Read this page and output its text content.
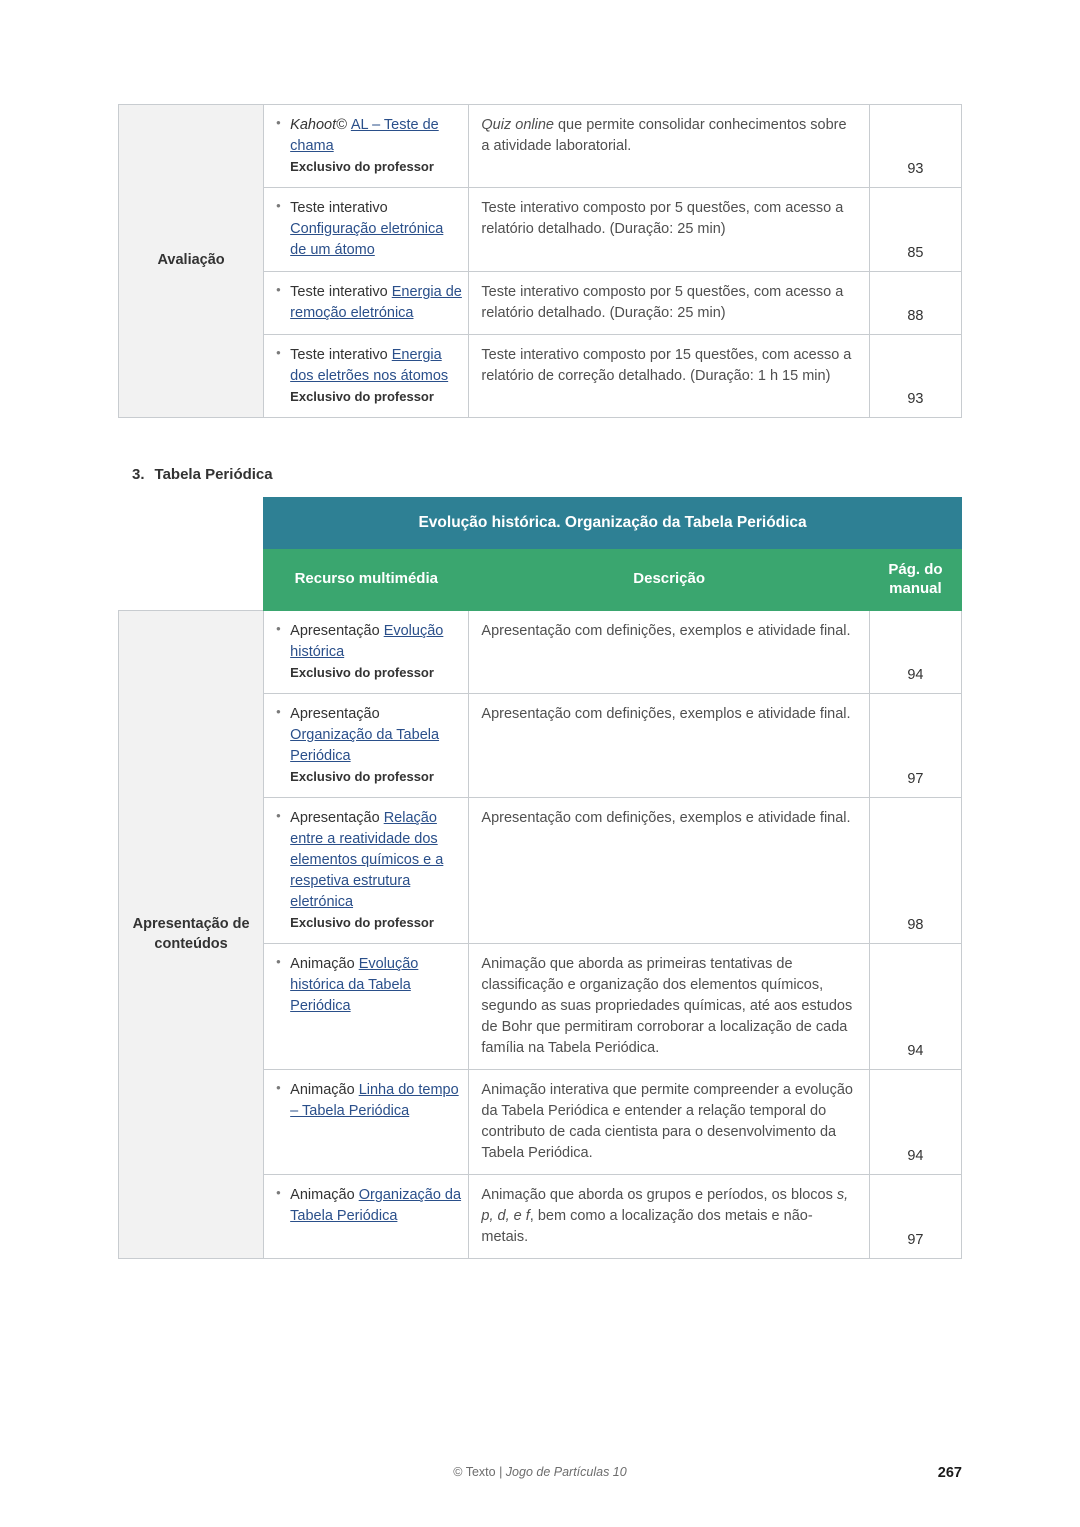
Avaliação	
• Kahoot© AL – Teste de chama
Exclusivo do professor
	Quiz online que permite consolidar conhecimentos sobre a atividade laboratorial.	93

• Teste interativo Configuração eletrónica de um átomo
	Teste interativo composto por 5 questões, com acesso a relatório detalhado. (Duração: 25 min)	85

• Teste interativo Energia de remoção eletrónica
	Teste interativo composto por 5 questões, com acesso a relatório detalhado. (Duração: 25 min)	88

• Teste interativo Energia dos eletrões nos átomos
Exclusivo do professor
	Teste interativo composto por 15 questões, com acesso a relatório de correção detalhado. (Duração: 1 h 15 min)	93
3. Tabela Periódica
	Evolução histórica. Organização da Tabela Periódica		
	Recurso multimédia	Descrição	Pág. do manual
Apresentação de conteúdos	
• Apresentação Evolução histórica
Exclusivo do professor
	Apresentação com definições, exemplos e atividade final.	94

• Apresentação Organização da Tabela Periódica
Exclusivo do professor
	Apresentação com definições, exemplos e atividade final.	97

• Apresentação Relação entre a reatividade dos elementos químicos e a respetiva estrutura eletrónica
Exclusivo do professor
	Apresentação com definições, exemplos e atividade final.	98

• Animação Evolução histórica da Tabela Periódica
	Animação que aborda as primeiras tentativas de classificação e organização dos elementos químicos, segundo as suas propriedades químicas, até aos estudos de Bohr que permitiram corroborar a localização de cada família na Tabela Periódica.	94

• Animação Linha do tempo – Tabela Periódica
	Animação interativa que permite compreender a evolução da Tabela Periódica e entender a relação temporal do contributo de cada cientista para o desenvolvimento da Tabela Periódica.	94

• Animação Organização da Tabela Periódica
	Animação que aborda os grupos e períodos, os blocos s, p, d, e f, bem como a localização dos metais e não-metais.	97
© Texto | Jogo de Partículas 10	267
